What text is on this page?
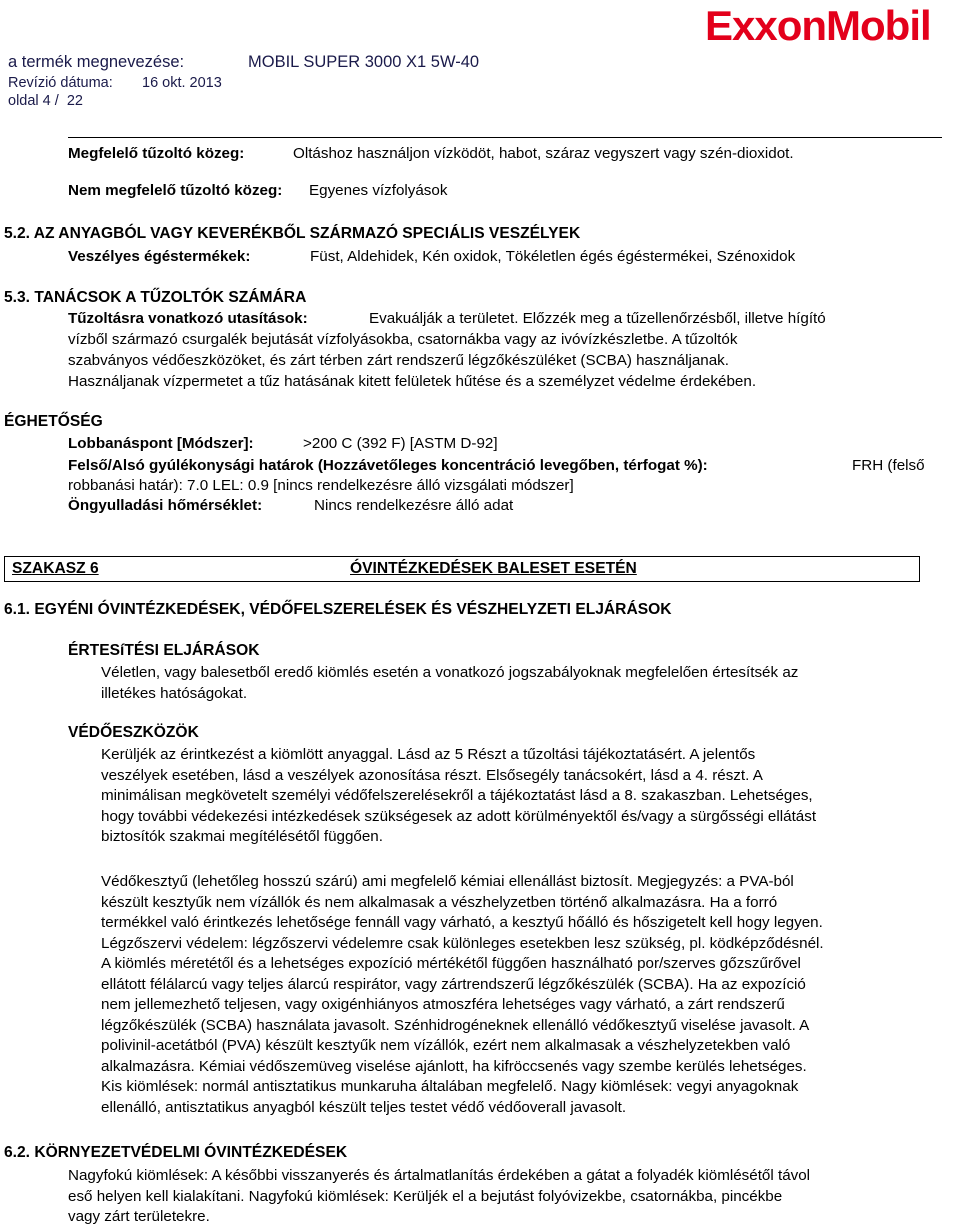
a termék megnevezése:	MOBIL SUPER 3000 X1 5W-40
Revízió dátuma: 16 okt. 2013
oldal 4 / 22
ExxonMobil
Megfelelő tűzoltó közeg:	Oltáshoz használjon vízködöt, habot, száraz vegyszert vagy szén-dioxidot.
Nem megfelelő tűzoltó közeg: Egyenes vízfolyások
5.2. AZ ANYAGBÓL VAGY KEVERÉKBŐL SZÁRMAZÓ SPECIÁLIS VESZÉLYEK
Veszélyes égéstermékek:	Füst, Aldehidek, Kén oxidok, Tökéletlen égés égéstermékei, Szénoxidok
5.3. TANÁCSOK A TŰZOLTÓK SZÁMÁRA
Tűzoltásra vonatkozó utasítások:	Evakuálják a területet. Előzzék meg a tűzellenőrzésből, illetve hígító
vízből származó csurgalék bejutását vízfolyásokba, csatornákba vagy az ivóvízkészletbe. A tűzoltók
szabványos védőeszközöket, és zárt térben zárt rendszerű légzőkészüléket (SCBA) használjanak.
Használjanak vízpermetet a tűz hatásának kitett felületek hűtése és a személyzet védelme érdekében.
ÉGHETŐSÉG
Lobbanáspont [Módszer]:	>200 C (392 F) [ASTM D-92]
Felső/Alsó gyúlékonysági határok (Hozzávetőleges koncentráció levegőben, térfogat %):	FRH (felső
robbanási határ): 7.0 LEL: 0.9 [nincs rendelkezésre álló vizsgálati módszer]
Öngyulladási hőmérséklet:	Nincs rendelkezésre álló adat
SZAKASZ 6	ÓVINTÉZKEDÉSEK BALESET ESETÉN
6.1. EGYÉNI ÓVINTÉZKEDÉSEK, VÉDŐFELSZERELÉSEK ÉS VÉSZHELYZETI ELJÁRÁSOK
ÉRTESíTÉSI ELJÁRÁSOK
Véletlen, vagy balesetből eredő kiömlés esetén a vonatkozó jogszabályoknak megfelelően értesítsék az
illetékes hatóságokat.
VÉDŐESZKÖZÖK
Kerüljék az érintkezést a kiömlött anyaggal. Lásd az 5 Részt a tűzoltási tájékoztatásért. A jelentős
veszélyek esetében, lásd a veszélyek azonosítása részt. Elsősegély tanácsokért, lásd a 4. részt. A
minimálisan megkövetelt személyi védőfelszerelésekről a tájékoztatást lásd a 8. szakaszban. Lehetséges,
hogy további védekezési intézkedések szükségesek az adott körülményektől és/vagy a sürgősségi ellátást
biztosítók szakmai megítélésétől függően.
Védőkesztyű (lehetőleg hosszú szárú) ami megfelelő kémiai ellenállást biztosít. Megjegyzés: a PVA-ból
készült kesztyűk nem vízállók és nem alkalmasak a vészhelyzetben történő alkalmazásra. Ha a forró
termékkel való érintkezés lehetősége fennáll vagy várható, a kesztyű hőálló és hőszigetelt kell hogy legyen.
Légzőszervi védelem: légzőszervi védelemre csak különleges esetekben lesz szükség, pl. ködképződésnél.
A kiömlés méretétől és a lehetséges expozíció mértékétől függően használható por/szerves gőzszűrővel
ellátott félálarcú vagy teljes álarcú respirátor, vagy zártrendszerű légzőkészülék (SCBA). Ha az expozíció
nem jellemezhető teljesen, vagy oxigénhiányos atmoszféra lehetséges vagy várható, a zárt rendszerű
légzőkészülék (SCBA) használata javasolt. Szénhidrogéneknek ellenálló védőkesztyű viselése javasolt. A
polivinil-acetátból (PVA) készült kesztyűk nem vízállók, ezért nem alkalmasak a vészhelyzetekben való
alkalmazásra. Kémiai védőszemüveg viselése ajánlott, ha kifröccsenés vagy szembe kerülés lehetséges.
Kis kiömlések: normál antisztatikus munkaruha általában megfelelő. Nagy kiömlések: vegyi anyagoknak
ellenálló, antisztatikus anyagból készült teljes testet védő védőoverall javasolt.
6.2. KÖRNYEZETVÉDELMI ÓVINTÉZKEDÉSEK
Nagyfokú kiömlések: A későbbi visszanyerés és ártalmatlanítás érdekében a gátat a folyadék kiömlésétől távol
eső helyen kell kialakítani. Nagyfokú kiömlések: Kerüljék el a bejutást folyóvizekbe, csatornákba, pincékbe
vagy zárt területekre.
